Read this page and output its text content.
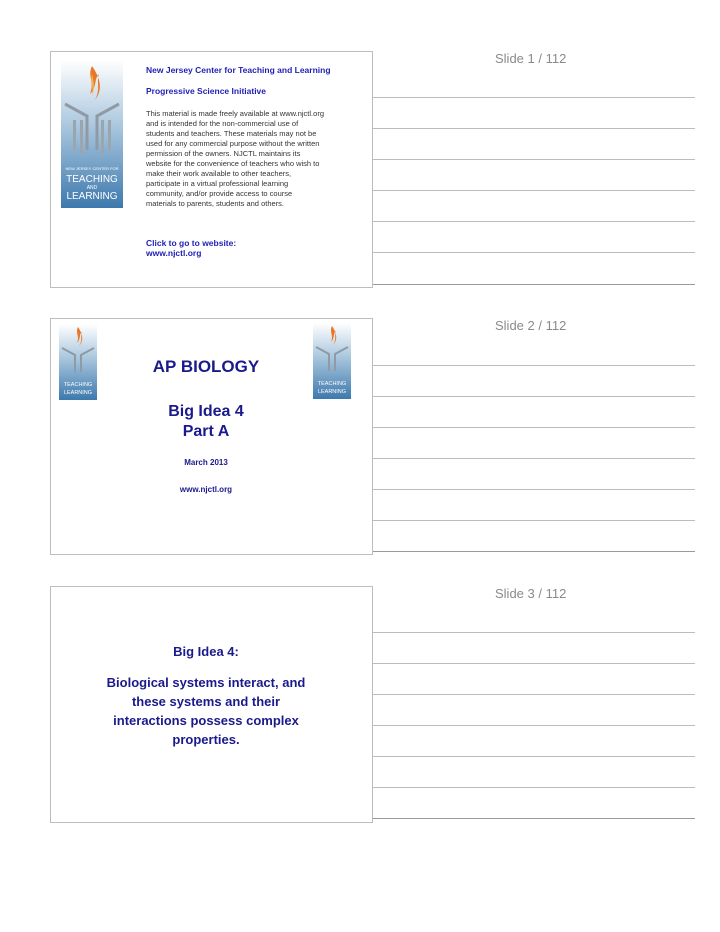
Slide 1 / 112
NEW JERSEY CENTER FOR
TEACHING
AND
LEARNING
New Jersey Center for Teaching and Learning
Progressive Science Initiative
This material is made freely available at www.njctl.org
and is intended for the non-commercial use of
students and teachers. These materials may not be
used for any commercial purpose without the written
permission of the owners. NJCTL maintains its
website for the convenience of teachers who wish to
make their work available to other teachers,
participate in a virtual professional learning
community, and/or provide access to course
materials to parents, students and others.
Click to go to website:
www.njctl.org
Slide 2 / 112
TEACHING
LEARNING
TEACHING
LEARNING
AP BIOLOGY
Big Idea 4
Part A
March 2013
www.njctl.org
Slide 3 / 112
Big Idea 4:
Biological systems interact, and
these systems and their
interactions possess complex
properties.
